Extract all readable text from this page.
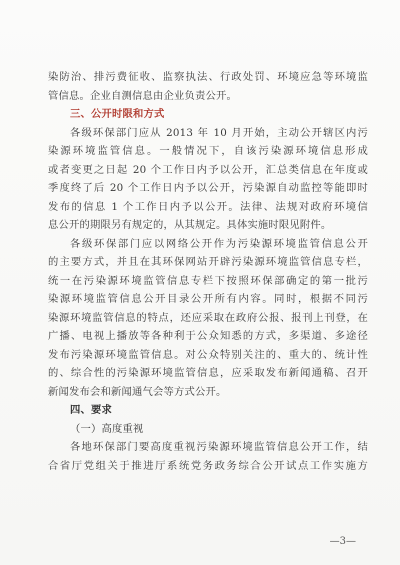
染防治、排污费征收、监察执法、行政处罚、环境应急等环境监
管信息。企业自测信息由企业负责公开。
三、公开时限和方式
各级环保部门应从 2013 年 10 月开始，主动公开辖区内污
染源环境监管信息。一般情况下，自该污染源环境信息形成
或者变更之日起 20 个工作日内予以公开，汇总类信息在年度或
季度终了后 20 个工作日内予以公开，污染源自动监控等能即时
发布的信息 1 个工作日内予以公开。法律、法规对政府环境信
息公开的期限另有规定的，从其规定。具体实施时限见附件。
各级环保部门应以网络公开作为污染源环境监管信息公开
的主要方式，并且在其环保网站开辟污染源环境监管信息专栏，
统一在污染源环境监管信息专栏下按照环保部确定的第一批污
染源环境监管信息公开目录公开所有内容。同时，根据不同污
染源环境监管信息的特点，还应采取在政府公报、报刊上刊登，在
广播、电视上播放等各种利于公众知悉的方式，多渠道、多途径
发布污染源环境监管信息。对公众特别关注的、重大的、统计性
的、综合性的污染源环境监管信息，应采取发布新闻通稿、召开
新闻发布会和新闻通气会等方式公开。
四、要求
（一）高度重视
各地环保部门要高度重视污染源环境监管信息公开工作，结
合省厅党组关于推进厅系统党务政务综合公开试点工作实施方
—3—
